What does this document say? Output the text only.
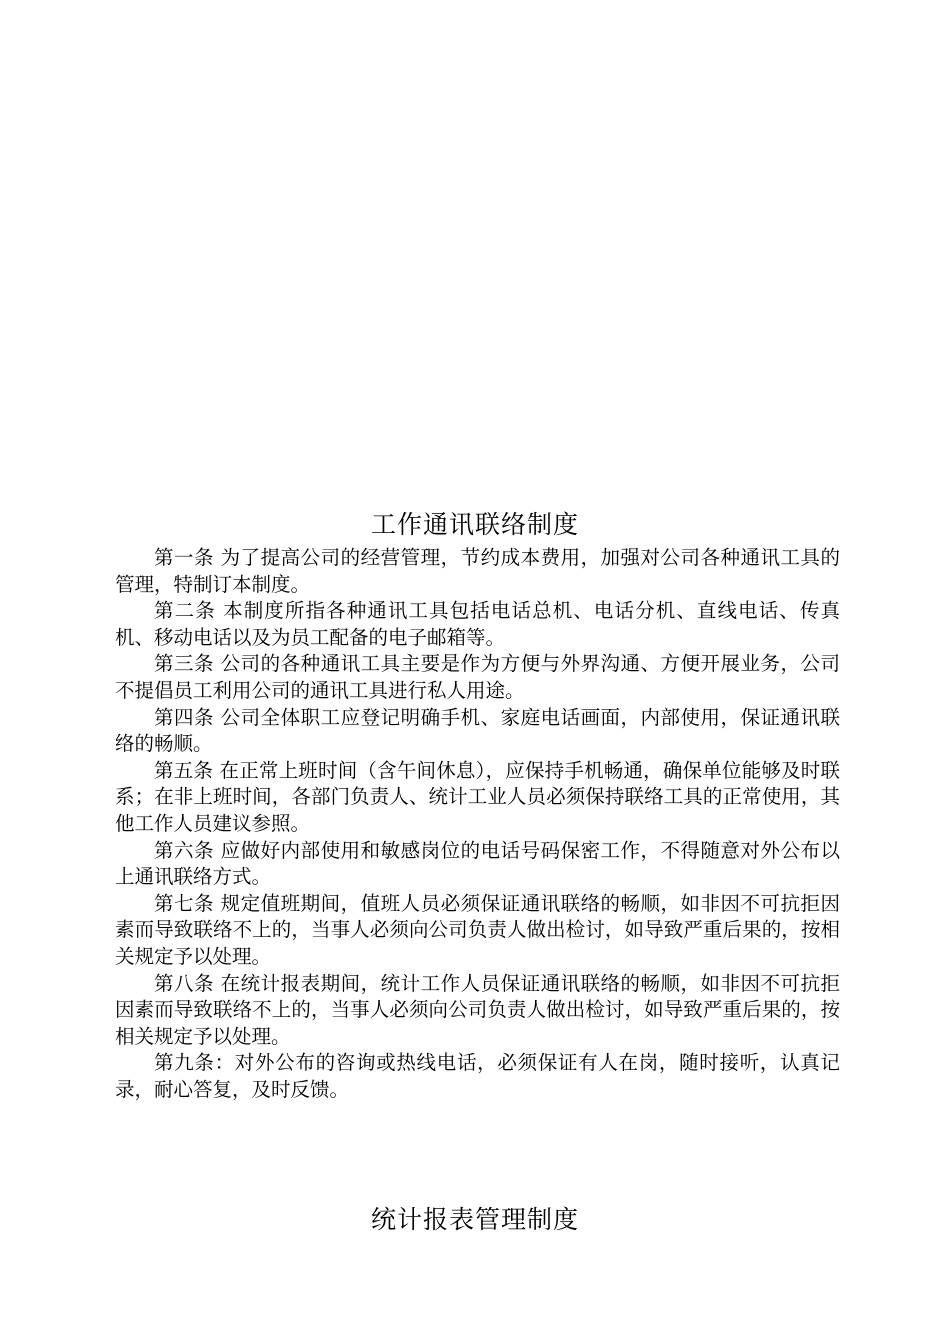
工作通讯联络制度

第一条 为了提高公司的经营管理，节约成本费用，加强对公司各种通讯工具的管理，特制订本制度。

第二条 本制度所指各种通讯工具包括电话总机、电话分机、直线电话、传真机、移动电话以及为员工配备的电子邮箱等。

第三条 公司的各种通讯工具主要是作为方便与外界沟通、方便开展业务，公司不提倡员工利用公司的通讯工具进行私人用途。

第四条 公司全体职工应登记明确手机、家庭电话画面，内部使用，保证通讯联络的畅顺。

第五条 在正常上班时间（含午间休息），应保持手机畅通，确保单位能够及时联系；在非上班时间，各部门负责人、统计工业人员必须保持联络工具的正常使用，其他工作人员建议参照。

第六条 应做好内部使用和敏感岗位的电话号码保密工作，不得随意对外公布以上通讯联络方式。

第七条 规定值班期间，值班人员必须保证通讯联络的畅顺，如非因不可抗拒因素而导致联络不上的，当事人必须向公司负责人做出检讨，如导致严重后果的，按相关规定予以处理。

第八条 在统计报表期间，统计工作人员保证通讯联络的畅顺，如非因不可抗拒因素而导致联络不上的，当事人必须向公司负责人做出检讨，如导致严重后果的，按相关规定予以处理。

第九条：对外公布的咨询或热线电话，必须保证有人在岗，随时接听，认真记录，耐心答复，及时反馈。

统计报表管理制度
